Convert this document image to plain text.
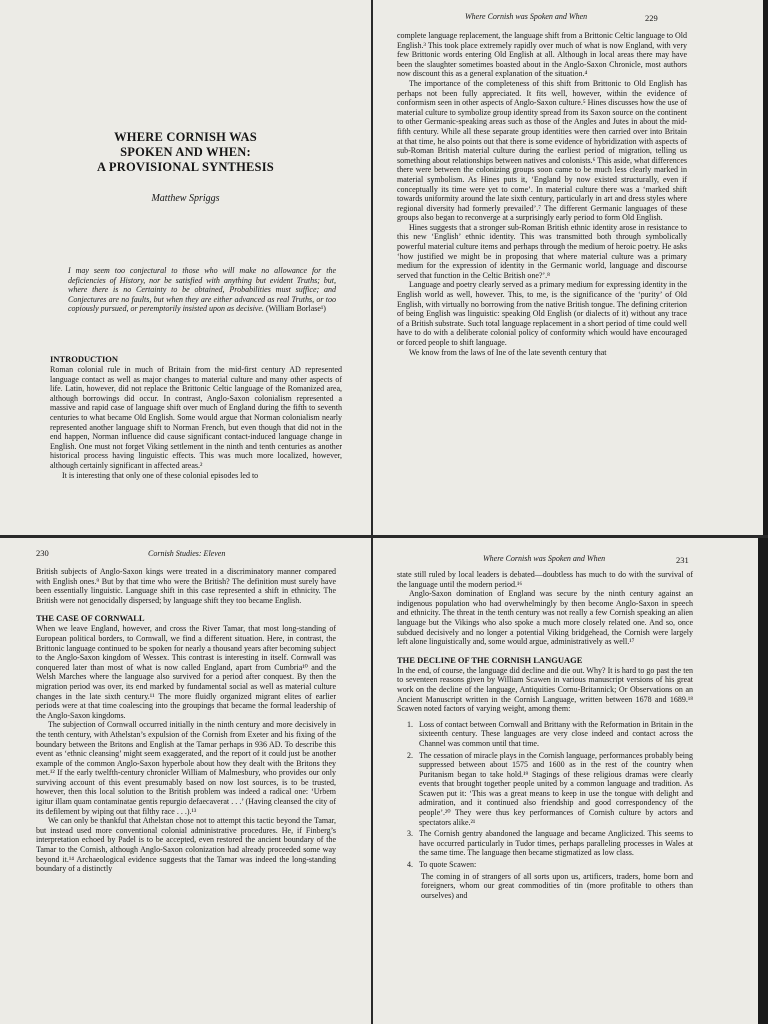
WHERE CORNISH WAS
SPOKEN AND WHEN:
A PROVISIONAL SYNTHESIS
Matthew Spriggs
I may seem too conjectural to those who will make no allowance for the deficiencies of History, nor be satisfied with anything but evident Truths; but, where there is no Certainty to be obtained, Probabilities must suffice; and Conjectures are no faults, but when they are either advanced as real Truths, or too copiously pursued, or peremptorily insisted upon as decisive. (William Borlase¹)
INTRODUCTION

Roman colonial rule in much of Britain from the mid-first century AD represented language contact as well as major changes to material culture and many other aspects of life. Latin, however, did not replace the Brittonic Celtic language of the Romanized area, although borrowings did occur. In contrast, Anglo-Saxon colonialism represented a massive and rapid case of language shift over much of England during the fifth to seventh centuries to what became Old English. Some would argue that Norman colonialism nearly represented another language shift to Norman French, but even though that did not in the end happen, Norman influence did cause significant contact-induced language change in English. One must not forget Viking settlement in the ninth and tenth centuries as another historical process having linguistic effects. This was much more localized, however, although certainly significant in affected areas.²

It is interesting that only one of these colonial episodes led to

Where Cornish was Spoken and When	229

complete language replacement, the language shift from a Brittonic Celtic language to Old English.³ This took place extremely rapidly over much of what is now England, with very few Brittonic words entering Old English at all. Although in local areas there may have been the slaughter sometimes boasted about in the Anglo-Saxon Chronicle, most authors now discount this as a general explanation of the situation.⁴

The importance of the completeness of this shift from Brittonic to Old English has perhaps not been fully appreciated. It fits well, however, within the evidence of conformism seen in other aspects of Anglo-Saxon culture.⁵ Hines discusses how the use of material culture to symbolize group identity spread from its Saxon source on the continent to other Germanic-speaking areas such as those of the Angles and Jutes in about the mid-fifth century. While all these separate group identities were then carried over into Britain at that time, he also points out that there is some evidence of hybridization with aspects of sub-Roman British material culture during the earliest period of migration, telling us something about relationships between natives and colonists.⁶ This aside, what differences there were between the colonizing groups soon came to be much less clearly marked in material symbolism. As Hines puts it, ‘England by now existed structurally, even if conceptually its time were yet to come’. In material culture there was a ‘marked shift towards uniformity around the late sixth century, particularly in art and dress styles where regional diversity had formerly prevailed’.⁷ The different Germanic languages of these groups also began to reconverge at a surprisingly early period to form Old English.

Hines suggests that a stronger sub-Roman British ethnic identity arose in resistance to this new ‘English’ ethnic identity. This was transmitted both through symbolically powerful material culture items and perhaps through the medium of heroic poetry. He asks ‘how justified we might be in proposing that where material culture was a primary medium for the expression of identity in the Germanic world, language and discourse served that function in the Celtic British one?’.⁸

Language and poetry clearly served as a primary medium for expressing identity in the English world as well, however. This, to me, is the significance of the ‘purity’ of Old English, with virtually no borrowing from the native British tongue. The defining criterion of being English was linguistic: speaking Old English (or dialects of it) without any trace of a British substrate. Such total language replacement in a short period of time could well have to do with a deliberate colonial policy of conformity which would have encouraged or forced people to shift language.

We know from the laws of Ine of the late seventh century that

230	Cornish Studies: Eleven

British subjects of Anglo-Saxon kings were treated in a discriminatory manner compared with English ones.⁹ But by that time who were the British? The definition must surely have been essentially linguistic. Language shift in this case represented a shift in ethnicity. The British were not genocidally dispersed; by language shift they too became English.

THE CASE OF CORNWALL

When we leave England, however, and cross the River Tamar, that most long-standing of European political borders, to Cornwall, we find a different situation. Here, in contrast, the Brittonic language continued to be spoken for nearly a thousand years after becoming subject to the Anglo-Saxon kingdom of Wessex. This contrast is interesting in itself. Cornwall was conquered later than most of what is now called England, apart from Cumbria¹⁰ and the Welsh Marches where the language also survived for a period after conquest. By then the migration period was over, its end marked by fundamental social as well as material culture changes in the late sixth century.¹¹ The more fluidly organized migrant elites of earlier periods were at that time coalescing into the groupings that became the formal leadership of the Anglo-Saxon kingdoms.

The subjection of Cornwall occurred initially in the ninth century and more decisively in the tenth century, with Athelstan’s expulsion of the Cornish from Exeter and his fixing of the boundary between the Britons and English at the Tamar perhaps in 936 AD. To describe this event as ‘ethnic cleansing’ might seem exaggerated, and the report of it could just be another example of the common Anglo-Saxon hyperbole about how they dealt with the Britons they met.¹² If the early twelfth-century chronicler William of Malmesbury, who provides our only surviving account of this event presumably based on now lost sources, is to be trusted, however, then this local solution to the British problem was indeed a radical one: ‘Urbem igitur illam quam contaminatae gentis repurgio defaecaverat . . .’ (Having cleansed the city of its defilement by wiping out that filthy race . . .).¹³

We can only be thankful that Athelstan chose not to attempt this tactic beyond the Tamar, but instead used more conventional colonial administrative procedures. He, if Finberg’s interpretation echoed by Padel is to be accepted, even restored the ancient boundary of the Tamar to the Cornish, although Anglo-Saxon colonization had already proceeded some way beyond it.¹⁴ Archaeological evidence suggests that the Tamar was indeed the long-standing boundary of a distinctly

Where Cornish was Spoken and When	231

state still ruled by local leaders is debated—doubtless has much to do with the survival of the language until the modern period.¹⁶

Anglo-Saxon domination of England was secure by the ninth century against an indigenous population who had overwhelmingly by then become Anglo-Saxon in speech and ethnicity. The threat in the tenth century was not really a few Cornish speaking an alien language but the Vikings who also spoke a much more closely related one. And so, once subdued decisively and no longer a potential Viking bridgehead, the Cornish were largely left alone linguistically and, some would argue, administratively as well.¹⁷

THE DECLINE OF THE CORNISH LANGUAGE

In the end, of course, the language did decline and die out. Why? It is hard to go past the ten to seventeen reasons given by William Scawen in various manuscript versions of his great work on the decline of the language, Antiquities Cornu-Britannick; Or Observations on an Ancient Manuscript written in the Cornish Language, written between 1678 and 1689.¹⁸ Scawen noted factors of varying weight, among them:

1. Loss of contact between Cornwall and Brittany with the Reformation in Britain in the sixteenth century. These languages are very close indeed and contact across the Channel was common until that time.
2. The cessation of miracle plays in the Cornish language, performances probably being suppressed between about 1575 and 1600 as in the rest of the country when Puritanism began to take hold.¹⁹ Stagings of these religious dramas were clearly events that brought together people united by a common language and tradition. As Scawen put it: ‘This was a great means to keep in use the tongue with delight and admiration, and it continued also friendship and good correspondency of the people’.²⁰ They were thus key performances of Cornish culture by actors and spectators alike.²¹
3. The Cornish gentry abandoned the language and became Anglicized. This seems to have occurred particularly in Tudor times, perhaps paralleling processes in Wales at the same time. The language then became stigmatized as low class.
4. To quote Scawen:
The coming in of strangers of all sorts upon us, artificers, traders, home born and foreigners, whom our great commodities of tin (more profitable to others than ourselves) and
